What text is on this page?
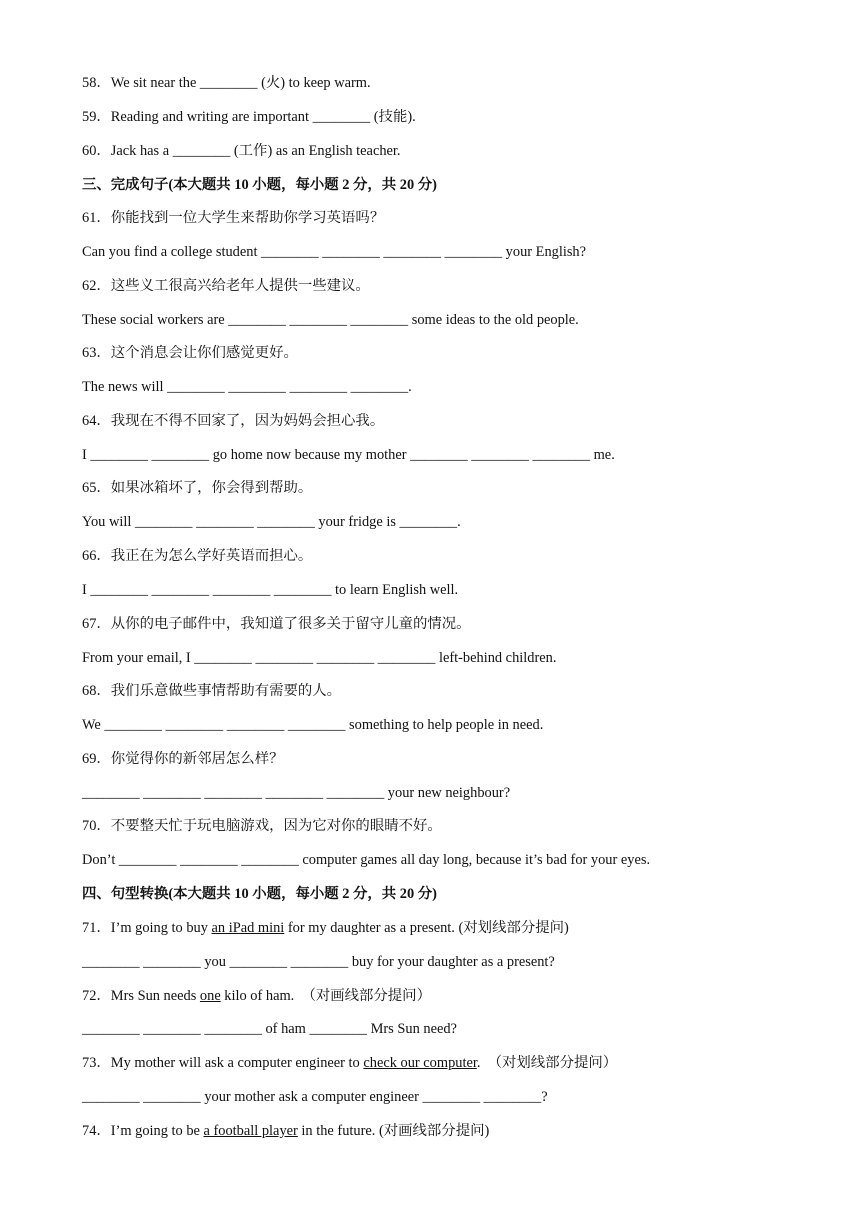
58．We sit near the ________ (火) to keep warm.
59．Reading and writing are important ________ (技能).
60．Jack has a ________ (工作) as an English teacher.
三、完成句子(本大题共 10 小题，每小题 2 分，共 20 分)
61．你能找到一位大学生来帮助你学习英语吗？
Can you find a college student ________ ________ ________ ________ your English?
62．这些义工很高兴给老年人提供一些建议。
These social workers are ________ ________ ________ some ideas to the old people.
63．这个消息会让你们感觉更好。
The news will ________ ________ ________ ________.
64．我现在不得不回家了，因为妈妈会担心我。
I ________ ________ go home now because my mother ________ ________ ________ me.
65．如果冰箱坏了，你会得到帮助。
You will ________ ________ ________ your fridge is ________.
66．我正在为怎么学好英语而担心。
I ________ ________ ________ ________ to learn English well.
67．从你的电子邮件中，我知道了很多关于留守儿童的情况。
From your email, I ________ ________ ________ ________ left-behind children.
68．我们乐意做些事情帮助有需要的人。
We ________ ________ ________ ________ something to help people in need.
69．你觉得你的新邻居怎么样？
________ ________ ________ ________ ________ your new neighbour?
70．不要整天忙于玩电脑游戏，因为它对你的眼睛不好。
Don’t ________ ________ ________ computer games all day long, because it’s bad for your eyes.
四、句型转换(本大题共 10 小题，每小题 2 分，共 20 分)
71．I’m going to buy an iPad mini for my daughter as a present. (对划线部分提问)
________ ________ you ________ ________ buy for your daughter as a present?
72．Mrs Sun needs one kilo of ham.  （对画线部分提问）
________ ________ ________ of ham ________ Mrs Sun need?
73．My mother will ask a computer engineer to check our computer.  （对划线部分提问）
________ ________ your mother ask a computer engineer ________ ________?
74．I’m going to be a football player in the future. (对画线部分提问)
